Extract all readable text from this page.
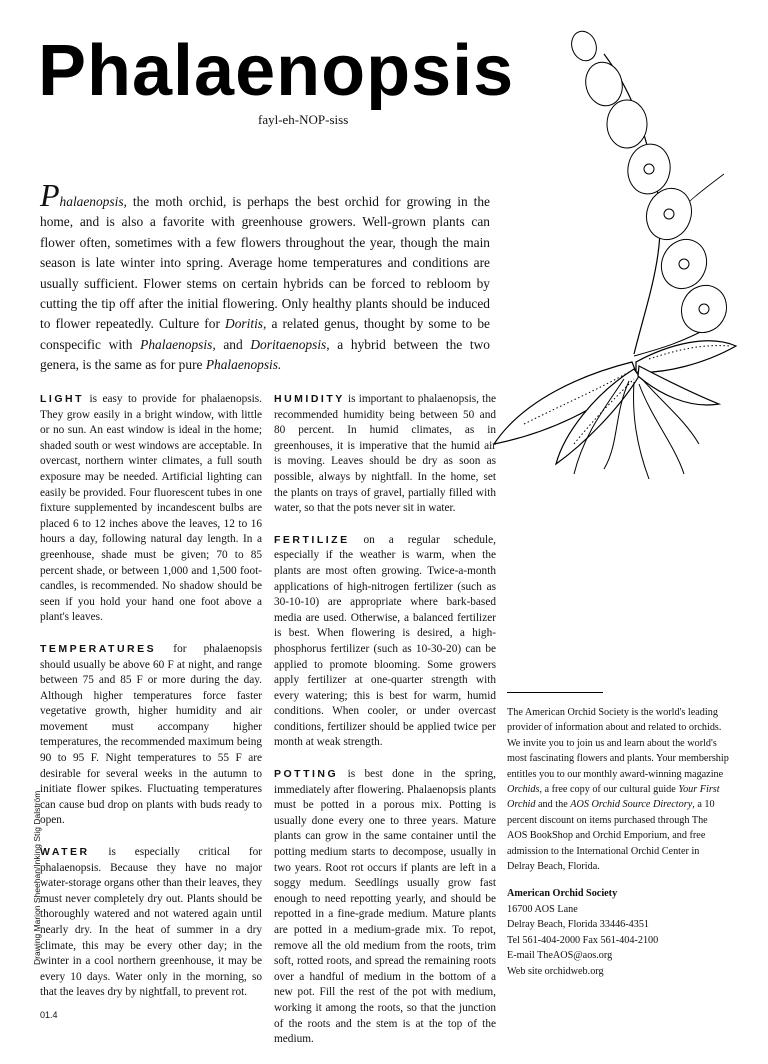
Phalaenopsis
fayl-eh-NOP-siss

Phalaenopsis, the moth orchid, is perhaps the best orchid for growing in the home, and is also a favorite with greenhouse growers. Well-grown plants can flower often, sometimes with a few flowers throughout the year, though the main season is late winter into spring. Average home temperatures and conditions are usually sufficient. Flower stems on certain hybrids can be forced to rebloom by cutting the tip off after the initial flowering. Only healthy plants should be induced to flower repeatedly. Culture for Doritis, a related genus, thought by some to be conspecific with Phalaenopsis, and Doritaenopsis, a hybrid between the two genera, is the same as for pure Phalaenopsis.

LIGHT is easy to provide for phalaenopsis. They grow easily in a bright window, with little or no sun. An east window is ideal in the home; shaded south or west windows are acceptable. In overcast, northern winter climates, a full south exposure may be needed. Artificial lighting can easily be provided. Four fluorescent tubes in one fixture supplemented by incandescent bulbs are placed 6 to 12 inches above the leaves, 12 to 16 hours a day, following natural day length. In a greenhouse, shade must be given; 70 to 85 percent shade, or between 1,000 and 1,500 foot-candles, is recommended. No shadow should be seen if you hold your hand one foot above a plant's leaves.

TEMPERATURES for phalaenopsis should usually be above 60 F at night, and range between 75 and 85 F or more during the day. Although higher temperatures force faster vegetative growth, higher humidity and air movement must accompany higher temperatures, the recommended maximum being 90 to 95 F. Night temperatures to 55 F are desirable for several weeks in the autumn to initiate flower spikes. Fluctuating temperatures can cause bud drop on plants with buds ready to open.

WATER is especially critical for phalaenopsis. Because they have no major water-storage organs other than their leaves, they must never completely dry out. Plants should be thoroughly watered and not watered again until nearly dry. In the heat of summer in a dry climate, this may be every other day; in the winter in a cool northern greenhouse, it may be every 10 days. Water only in the morning, so that the leaves dry by nightfall, to prevent rot.

HUMIDITY is important to phalaenopsis, the recommended humidity being between 50 and 80 percent. In humid climates, as in greenhouses, it is imperative that the humid air is moving. Leaves should be dry as soon as possible, always by nightfall. In the home, set the plants on trays of gravel, partially filled with water, so that the pots never sit in water.

FERTILIZE on a regular schedule, especially if the weather is warm, when the plants are most often growing. Twice-a-month applications of high-nitrogen fertilizer (such as 30-10-10) are appropriate where bark-based media are used. Otherwise, a balanced fertilizer is best. When flowering is desired, a high-phosphorus fertilizer (such as 10-30-20) can be applied to promote blooming. Some growers apply fertilizer at one-quarter strength with every watering; this is best for warm, humid conditions. When cooler, or under overcast conditions, fertilizer should be applied twice per month at weak strength.

POTTING is best done in the spring, immediately after flowering. Phalaenopsis plants must be potted in a porous mix. Potting is usually done every one to three years. Mature plants can grow in the same container until the potting medium starts to decompose, usually in two years. Root rot occurs if plants are left in a soggy medum. Seedlings usually grow fast enough to need repotting yearly, and should be repotted in a fine-grade medium. Mature plants are potted in a medium-grade mix. To repot, remove all the old medium from the roots, trim soft, rotted roots, and spread the remaining roots over a handful of medium in the bottom of a new pot. Fill the rest of the pot with medium, working it among the roots, so that the junction of the roots and the stem is at the top of the medium.

The American Orchid Society is the world's leading provider of information about and related to orchids. We invite you to join us and learn about the world's most fascinating flowers and plants. Your membership entitles you to our monthly award-winning magazine Orchids, a free copy of our cultural guide Your First Orchid and the AOS Orchid Source Directory, a 10 percent discount on items purchased through The AOS BookShop and Orchid Emporium, and free admission to the International Orchid Center in Delray Beach, Florida.

American Orchid Society
16700 AOS Lane
Delray Beach, Florida 33446-4351
Tel 561-404-2000 Fax 561-404-2100
E-mail TheAOS@aos.org
Web site orchidweb.org
Drawing Marion Sheehan/Inking Stig Dalström
01.4
